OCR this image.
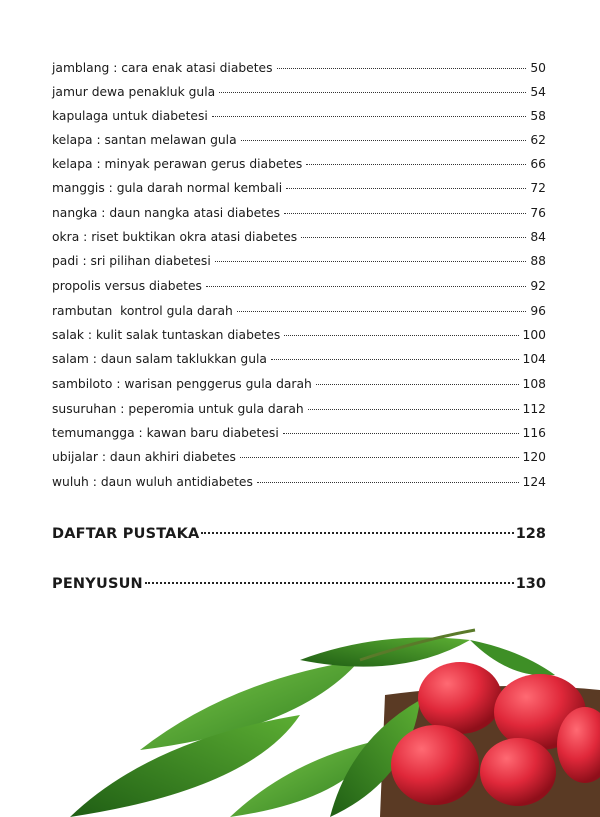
jamblang : cara enak atasi diabetes	50
jamur dewa penakluk gula	54
kapulaga untuk diabetesi	58
kelapa : santan melawan gula	62
kelapa : minyak perawan gerus diabetes	66
manggis : gula darah normal kembali	72
nangka : daun nangka atasi diabetes	76
okra : riset buktikan okra atasi diabetes	84
padi : sri pilihan diabetesi	88
propolis versus diabetes	92
rambutan  kontrol gula darah	96
salak : kulit salak tuntaskan diabetes	100
salam : daun salam taklukkan gula	104
sambiloto : warisan penggerus gula darah	108
susuruhan : peperomia untuk gula darah	112
temumangga : kawan baru diabetesi	116
ubijalar : daun akhiri diabetes	120
wuluh : daun wuluh antidiabetes	124
DAFTAR PUSTAKA	128
PENYUSUN	130
